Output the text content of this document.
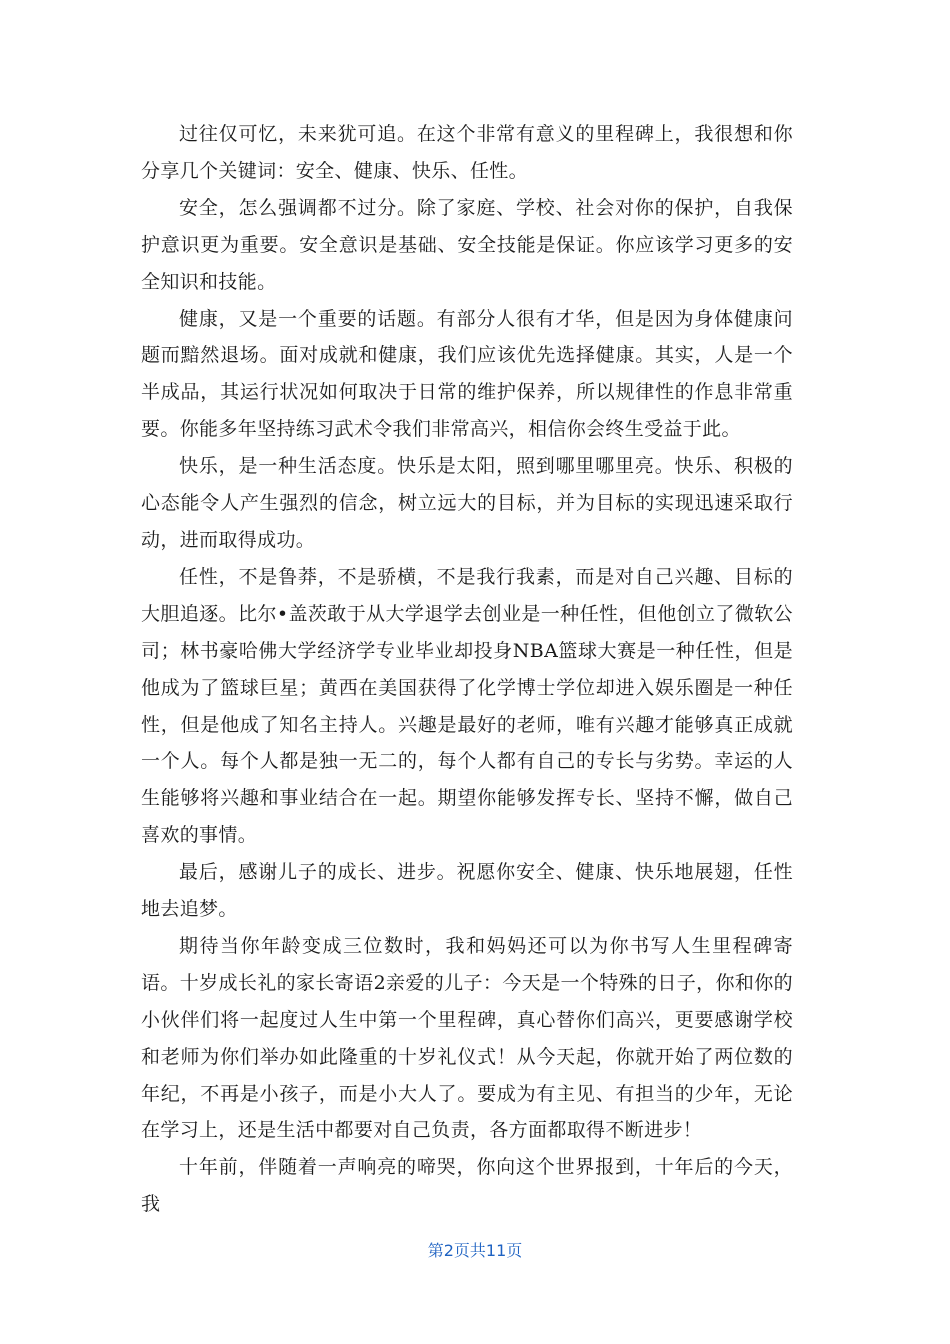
过往仅可忆，未来犹可追。在这个非常有意义的里程碑上，我很想和你分享几个关键词：安全、健康、快乐、任性。

安全，怎么强调都不过分。除了家庭、学校、社会对你的保护，自我保护意识更为重要。安全意识是基础、安全技能是保证。你应该学习更多的安全知识和技能。

健康，又是一个重要的话题。有部分人很有才华，但是因为身体健康问题而黯然退场。面对成就和健康，我们应该优先选择健康。其实，人是一个半成品，其运行状况如何取决于日常的维护保养，所以规律性的作息非常重要。你能多年坚持练习武术令我们非常高兴，相信你会终生受益于此。

快乐，是一种生活态度。快乐是太阳，照到哪里哪里亮。快乐、积极的心态能令人产生强烈的信念，树立远大的目标，并为目标的实现迅速采取行动，进而取得成功。

任性，不是鲁莽，不是骄横，不是我行我素，而是对自己兴趣、目标的大胆追逐。比尔•盖茨敢于从大学退学去创业是一种任性，但他创立了微软公司；林书豪哈佛大学经济学专业毕业却投身NBA篮球大赛是一种任性，但是他成为了篮球巨星；黄西在美国获得了化学博士学位却进入娱乐圈是一种任性，但是他成了知名主持人。兴趣是最好的老师，唯有兴趣才能够真正成就一个人。每个人都是独一无二的，每个人都有自己的专长与劣势。幸运的人生能够将兴趣和事业结合在一起。期望你能够发挥专长、坚持不懈，做自己喜欢的事情。

最后，感谢儿子的成长、进步。祝愿你安全、健康、快乐地展翅，任性地去追梦。

期待当你年龄变成三位数时，我和妈妈还可以为你书写人生里程碑寄语。十岁成长礼的家长寄语2亲爱的儿子：今天是一个特殊的日子，你和你的小伙伴们将一起度过人生中第一个里程碑，真心替你们高兴，更要感谢学校和老师为你们举办如此隆重的十岁礼仪式！从今天起，你就开始了两位数的年纪，不再是小孩子，而是小大人了。要成为有主见、有担当的少年，无论在学习上，还是生活中都要对自己负责，各方面都取得不断进步！

十年前，伴随着一声响亮的啼哭，你向这个世界报到，十年后的今天，我

第2页共11页
